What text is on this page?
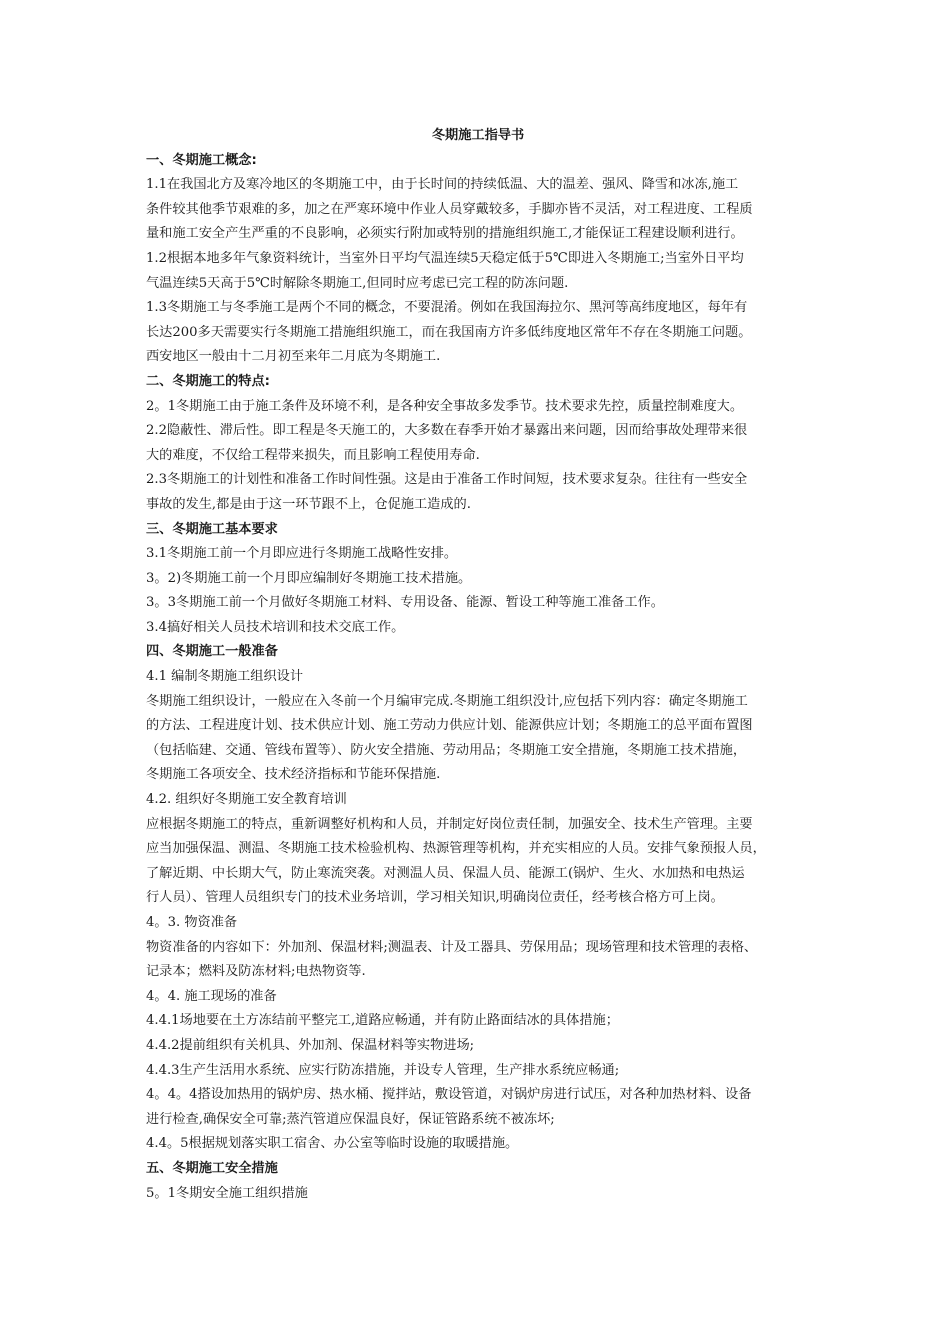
冬期施工指导书

一、冬期施工概念:

1.1在我国北方及寒冷地区的冬期施工中，由于长时间的持续低温、大的温差、强风、降雪和冰冻,施工
条件较其他季节艰难的多，加之在严寒环境中作业人员穿戴较多，手脚亦皆不灵活，对工程进度、工程质
量和施工安全产生严重的不良影响，必须实行附加或特别的措施组织施工,才能保证工程建设顺利进行。

1.2根据本地多年气象资料统计，当室外日平均气温连续5天稳定低于5℃即进入冬期施工;当室外日平均
气温连续5天高于5℃时解除冬期施工,但同时应考虑已完工程的防冻问题.

1.3冬期施工与冬季施工是两个不同的概念，不要混淆。例如在我国海拉尔、黑河等高纬度地区，每年有
长达200多天需要实行冬期施工措施组织施工，而在我国南方许多低纬度地区常年不存在冬期施工问题。
西安地区一般由十二月初至来年二月底为冬期施工.

二、冬期施工的特点:

2。1冬期施工由于施工条件及环境不利，是各种安全事故多发季节。技术要求先控，质量控制难度大。

2.2隐蔽性、滞后性。即工程是冬天施工的，大多数在春季开始才暴露出来问题，因而给事故处理带来很
大的难度，不仅给工程带来损失，而且影响工程使用寿命.

2.3冬期施工的计划性和准备工作时间性强。这是由于准备工作时间短，技术要求复杂。往往有一些安全
事故的发生,都是由于这一环节跟不上，仓促施工造成的.

三、冬期施工基本要求

3.1冬期施工前一个月即应进行冬期施工战略性安排。

3。2)冬期施工前一个月即应编制好冬期施工技术措施。

3。3冬期施工前一个月做好冬期施工材料、专用设备、能源、暂设工种等施工准备工作。

3.4搞好相关人员技术培训和技术交底工作。

四、冬期施工一般准备

4.1 编制冬期施工组织设计

冬期施工组织设计，一般应在入冬前一个月编审完成.冬期施工组织没计,应包括下列内容：确定冬期施工
的方法、工程进度计划、技术供应计划、施工劳动力供应计划、能源供应计划；冬期施工的总平面布置图
（包括临建、交通、管线布置等）、防火安全措施、劳动用品；冬期施工安全措施，冬期施工技术措施，
冬期施工各项安全、技术经济指标和节能环保措施.

4.2. 组织好冬期施工安全教育培训

应根据冬期施工的特点，重新调整好机构和人员，并制定好岗位责任制，加强安全、技术生产管理。主要
应当加强保温、测温、冬期施工技术检验机构、热源管理等机构，并充实相应的人员。安排气象预报人员，
了解近期、中长期大气，防止寒流突袭。对测温人员、保温人员、能源工(锅炉、生火、水加热和电热运
行人员）、管理人员组织专门的技术业务培训，学习相关知识,明确岗位责任，经考核合格方可上岗。

4。3. 物资准备

物资准备的内容如下：外加剂、保温材料;测温表、计及工器具、劳保用品；现场管理和技术管理的表格、
记录本；燃料及防冻材料;电热物资等.

4。4. 施工现场的准备

4.4.1场地要在土方冻结前平整完工,道路应畅通，并有防止路面结冰的具体措施；

4.4.2提前组织有关机具、外加剂、保温材料等实物进场;

4.4.3生产生活用水系统、应实行防冻措施，并设专人管理，生产排水系统应畅通;

4。4。4搭设加热用的锅炉房、热水桶、搅拌站，敷设管道，对锅炉房进行试压，对各种加热材料、设备
进行检查,确保安全可靠;蒸汽管道应保温良好，保证管路系统不被冻坏;

4.4。5根据规划落实职工宿舍、办公室等临时设施的取暖措施。

五、冬期施工安全措施

5。1冬期安全施工组织措施
